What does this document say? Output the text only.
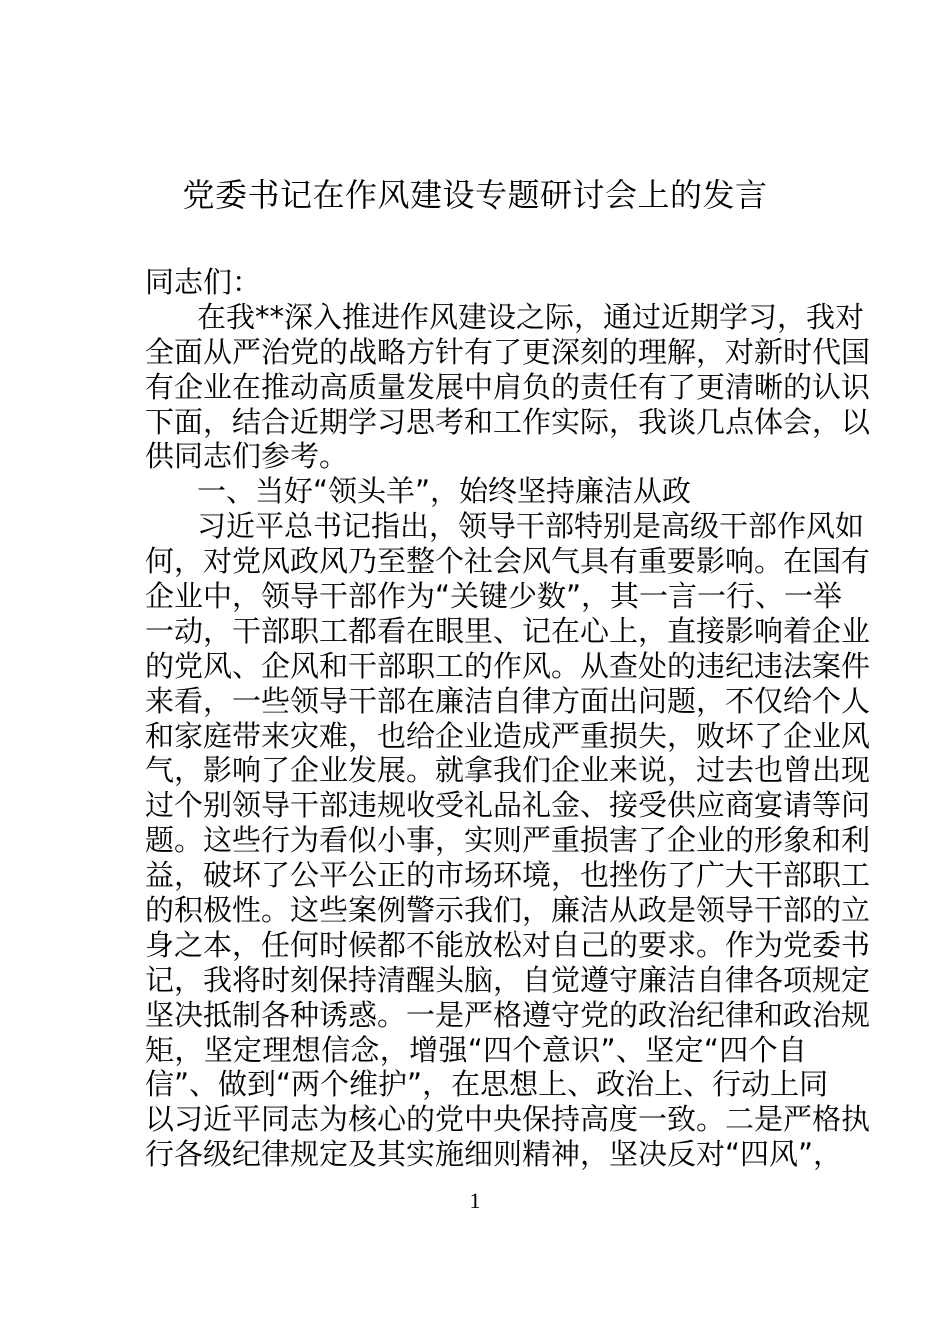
党委书记在作风建设专题研讨会上的发言
同志们：
在我**深入推进作风建设之际，通过近期学习，我对
全面从严治党的战略方针有了更深刻的理解，对新时代国
有企业在推动高质量发展中肩负的责任有了更清晰的认识
下面，结合近期学习思考和工作实际，我谈几点体会，以
供同志们参考。
一、当好“领头羊”，始终坚持廉洁从政
习近平总书记指出，领导干部特别是高级干部作风如
何，对党风政风乃至整个社会风气具有重要影响。在国有
企业中，领导干部作为“关键少数”，其一言一行、一举
一动，干部职工都看在眼里、记在心上，直接影响着企业
的党风、企风和干部职工的作风。从查处的违纪违法案件
来看，一些领导干部在廉洁自律方面出问题，不仅给个人
和家庭带来灾难，也给企业造成严重损失，败坏了企业风
气，影响了企业发展。就拿我们企业来说，过去也曾出现
过个别领导干部违规收受礼品礼金、接受供应商宴请等问
题。这些行为看似小事，实则严重损害了企业的形象和利
益，破坏了公平公正的市场环境，也挫伤了广大干部职工
的积极性。这些案例警示我们，廉洁从政是领导干部的立
身之本，任何时候都不能放松对自己的要求。作为党委书
记，我将时刻保持清醒头脑，自觉遵守廉洁自律各项规定
坚决抵制各种诱惑。一是严格遵守党的政治纪律和政治规
矩，坚定理想信念，增强“四个意识”、坚定“四个自
信”、做到“两个维护”，在思想上、政治上、行动上同
以习近平同志为核心的党中央保持高度一致。二是严格执
行各级纪律规定及其实施细则精神，坚决反对“四风”，
1
